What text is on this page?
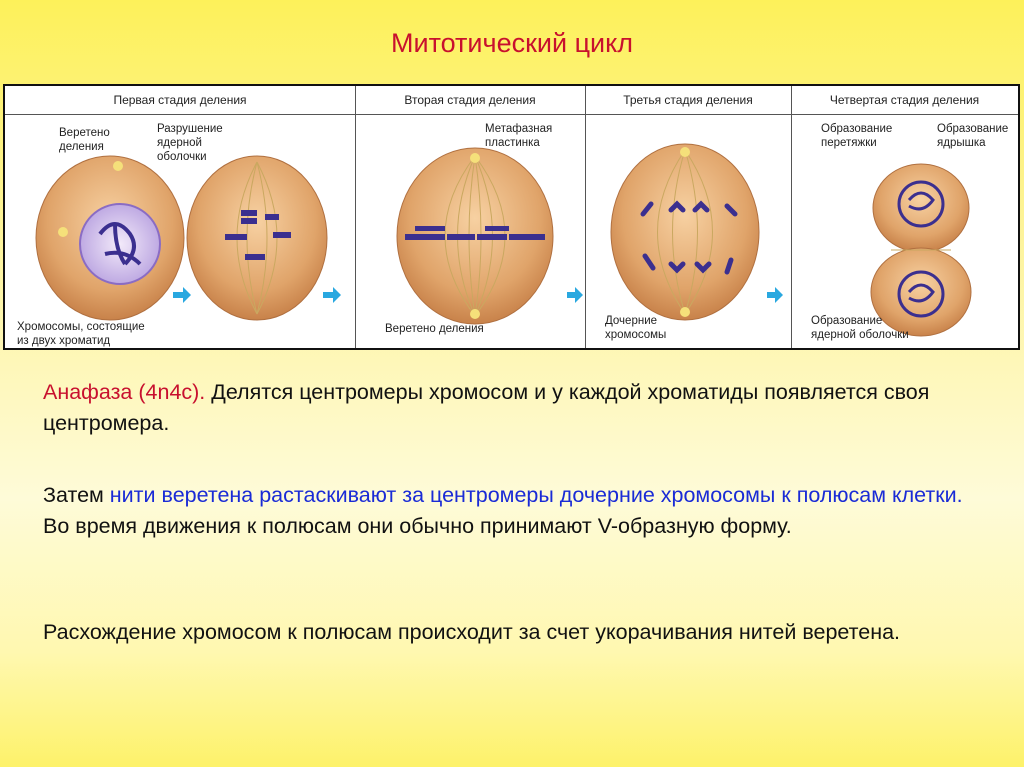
Митотический цикл
Первая стадия деления
Веретено
деления
Разрушение
ядерной
оболочки
Хромосомы, состоящие
из двух хроматид
Вторая стадия деления
Метафазная
пластинка
Веретено деления
Третья стадия деления
Дочерние
хромосомы
Четвертая стадия деления
Образование
перетяжки
Образование
ядрышка
Образование
ядерной оболочки
Анафаза (4n4c). Делятся центромеры хромосом и у каждой хроматиды появляется своя центромера.
Затем нити веретена растаскивают за центромеры дочерние хромосомы к полюсам клетки. Во время движения к полюсам они обычно принимают V-образную форму.
Расхождение хромосом к полюсам происходит за счет укорачивания нитей веретена.
